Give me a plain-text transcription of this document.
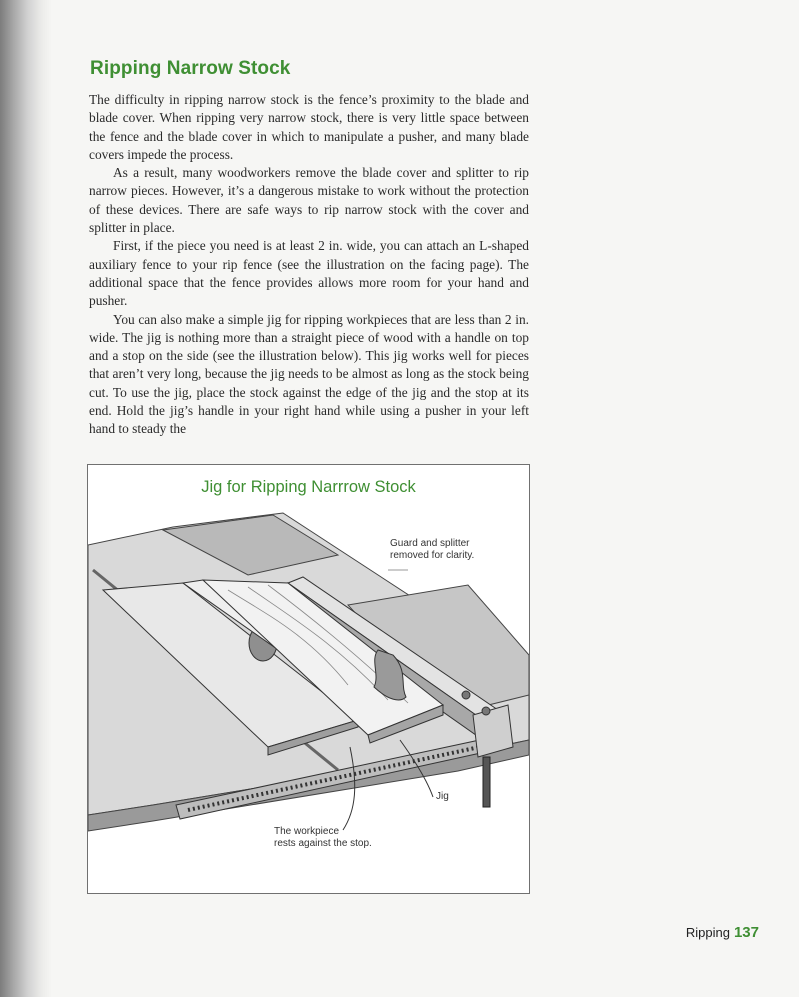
Ripping Narrow Stock

The difficulty in ripping narrow stock is the fence’s proximity to the blade and blade cover. When ripping very narrow stock, there is very little space between the fence and the blade cover in which to manipulate a pusher, and many blade covers impede the process.

As a result, many woodworkers remove the blade cover and splitter to rip narrow pieces. However, it’s a dangerous mistake to work without the protection of these devices. There are safe ways to rip narrow stock with the cover and splitter in place.

First, if the piece you need is at least 2 in. wide, you can attach an L-shaped auxiliary fence to your rip fence (see the illustration on the facing page). The additional space that the fence provides allows more room for your hand and pusher.

You can also make a simple jig for ripping workpieces that are less than 2 in. wide. The jig is nothing more than a straight piece of wood with a handle on top and a stop on the side (see the illustration below). This jig works well for pieces that aren’t very long, because the jig needs to be almost as long as the stock being cut. To use the jig, place the stock against the edge of the jig and the stop at its end. Hold the jig’s handle in your right hand while using a pusher in your left hand to steady the

Jig for Ripping Narrrow Stock
Guard and splitter
removed for clarity.
Jig
The workpiece
rests against the stop.
Ripping 137
